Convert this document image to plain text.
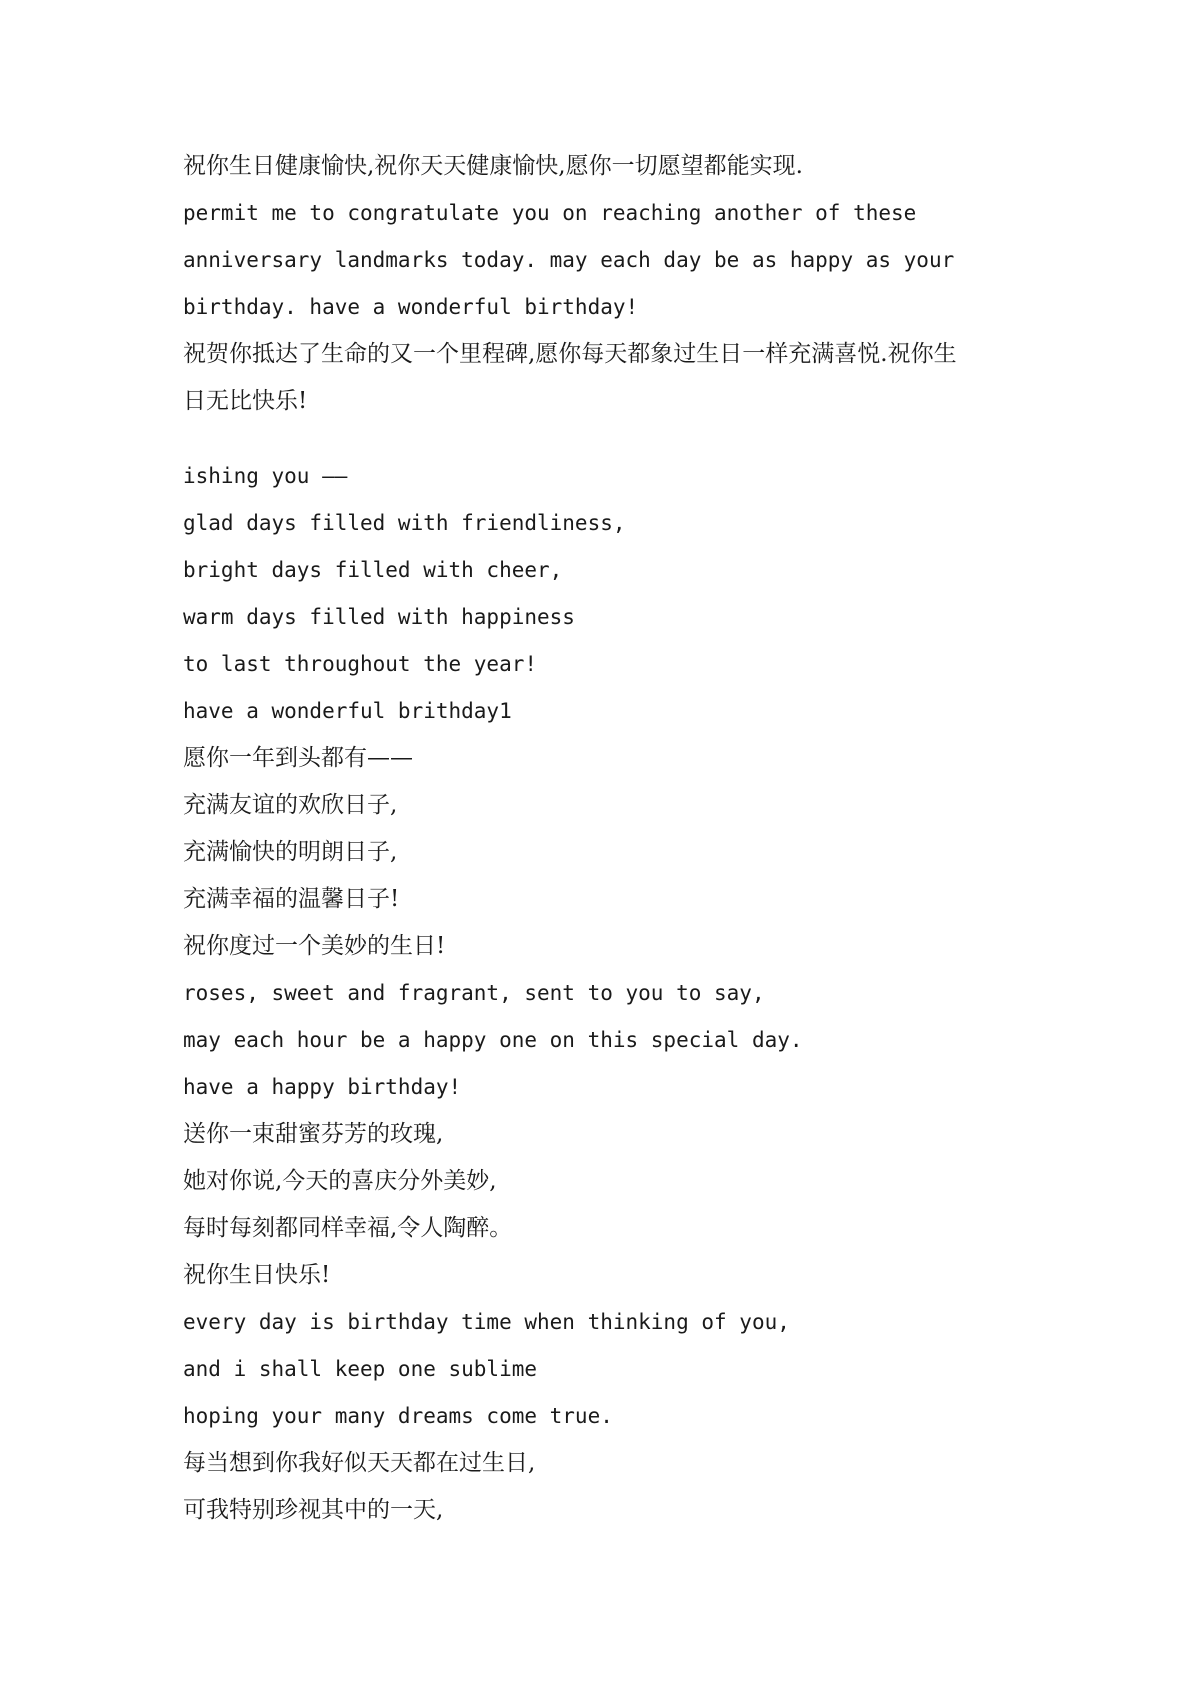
祝你生日健康愉快,祝你天天健康愉快,愿你一切愿望都能实现.
permit me to congratulate you on reaching another of these
anniversary landmarks today. may each day be as happy as your
birthday. have a wonderful birthday!
祝贺你抵达了生命的又一个里程碑,愿你每天都象过生日一样充满喜悦.祝你生
日无比快乐!
ishing you ——
glad days filled with friendliness,
bright days filled with cheer,
warm days filled with happiness
to last throughout the year!
have a wonderful brithday1
愿你一年到头都有——
充满友谊的欢欣日子,
充满愉快的明朗日子,
充满幸福的温馨日子!
祝你度过一个美妙的生日!
roses, sweet and fragrant, sent to you to say,
may each hour be a happy one on this special day.
have a happy birthday!
送你一束甜蜜芬芳的玫瑰,
她对你说,今天的喜庆分外美妙,
每时每刻都同样幸福,令人陶醉。
祝你生日快乐!
every day is birthday time when thinking of you,
and i shall keep one sublime
hoping your many dreams come true.
每当想到你我好似天天都在过生日,
可我特别珍视其中的一天,
